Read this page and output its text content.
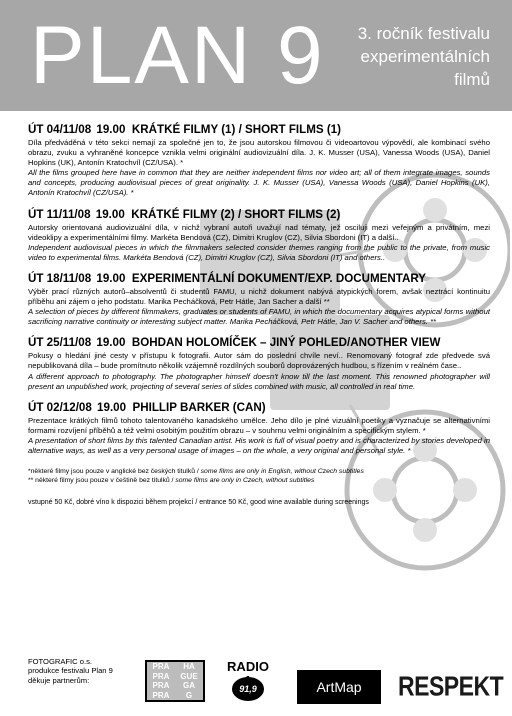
PLAN 9	3. ročník festivalu
experimentálních
filmů
ÚT 04/11/08 19.00 KRÁTKÉ FILMY (1) / SHORT FILMS (1)
Díla předváděná v této sekci nemají za společné jen to, že jsou autorskou filmovou či videoartovou výpovědí, ale kombinací svého obrazu, zvuku a vyhraněné koncepce vznikla velmi originální audiovizuální díla. J. K. Musser (USA), Vanessa Woods (USA), Daniel Hopkins (UK), Antonín Kratochvíl (CZ/USA). *
All the films grouped here have in common that they are neither independent films nor video art; all of them integrate images, sounds and concepts, producing audiovisual pieces of great originality. J. K. Musser (USA), Vanessa Woods (USA), Daniel Hopkins (UK), Antonín Kratochvíl (CZ/USA). *
ÚT 11/11/08 19.00 KRÁTKÉ FILMY (2) / SHORT FILMS (2)
Autorsky orientovaná audiovizuální díla, v nichž vybraní autoři uvažují nad tématy, jež osciluji mezi veřejným a privátním, mezi videoklipy a experimentálními filmy. Markéta Bendová (CZ), Dimitri Kruglov (CZ), Silvia Sbordoni (IT) a další..
Independent audiovisual pieces in which the filmmakers selected consider themes ranging from the public to the private, from music video to experimental films. Markéta Bendová (CZ), Dimitri Kruglov (CZ), Silvia Sbordoni (IT) and others..
ÚT 18/11/08 19.00 EXPERIMENTÁLNÍ DOKUMENT/EXP. DOCUMENTARY
Výběr prací různých autorů–absolventů či studentů FAMU, u nichž dokument nabývá atypických forem, avšak neztrácí kontinuitu příběhu ani zájem o jeho podstatu. Marika Pecháčková, Petr Hátle, Jan Sacher a další **
A selection of pieces by different filmmakers, graduates or students of FAMU, in which the documentary acquires atypical forms without sacrificing narrative continuity or interesting subject matter. Marika Pecháčková, Petr Hátle, Jan V. Sacher and others. **
ÚT 25/11/08 19.00 BOHDAN HOLOMÍČEK – JINÝ POHLED/ANOTHER VIEW
Pokusy o hledání jiné cesty v přístupu k fotografii. Autor sám do poslední chvíle neví.. Renomovaný fotograf zde předvede svá nepublikovaná díla – bude promítnuto několik vzájemně rozdílných souborů doprovázených hudbou, s řízením v reálném čase..
A different approach to photography. The photographer himself doesn't know till the last moment. This renowned photographer will present an unpublished work, projecting of several series of slides combined with music, all controlled in real time.
ÚT 02/12/08 19.00 PHILLIP BARKER (CAN)
Prezentace krátkých filmů tohoto talentovaného kanadského umělce. Jeho dílo je plné vizuální poetiky a vyznačuje se alternativními formami rozvíjení příběhů a též velmi osobitým použitím obrazu – v souhrnu velmi originálním a specifickým stylem. *
A presentation of short films by this talented Canadian artist. His work is full of visual poetry and is characterized by stories developed in alternative ways, as well as a very personal usage of images – on the whole, a very original and personal style. *
*některé filmy jsou pouze v anglické bez českých titulků / some films are only in English, without Czech subtitles
** některé filmy jsou pouze v češtině bez titulků / some films are only in Czech, without subtitles
vstupné 50 Kč, dobré víno k dispozici během projekcí / entrance 50 Kč, good wine available during screenings
FOTOGRAFIC o.s.
produkce festivalu Plan 9
děkuje partnerům:
PRA	HA
PRA	GUE
PRA	GA
PRA	G
RADIO
91,9	ArtMap	RESPEKT
